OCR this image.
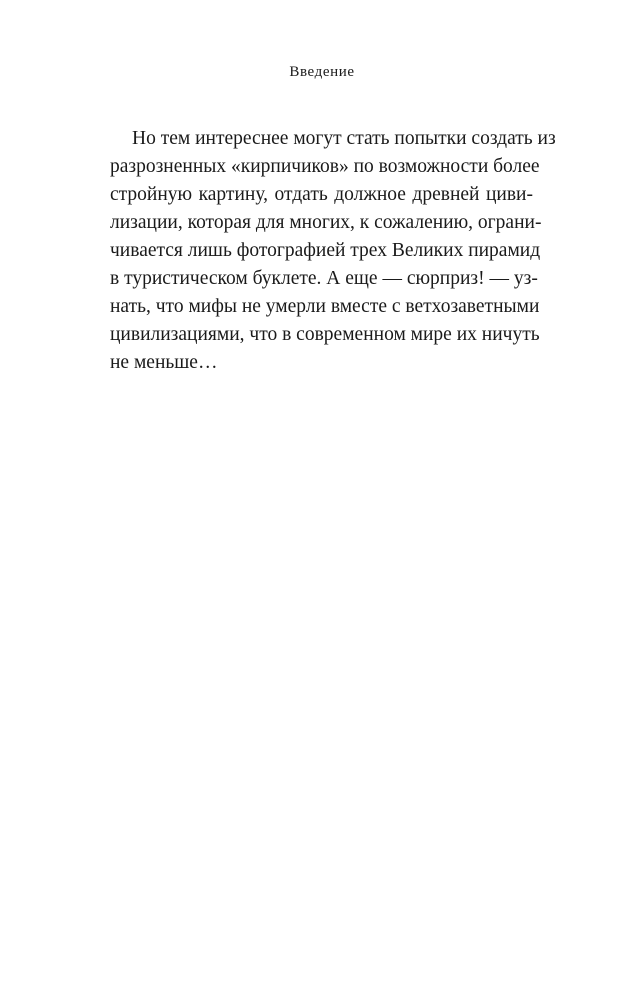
Введение
Но тем интереснее могут стать попытки создать из
разрозненных «кирпичиков» по возможности более
стройную картину, отдать должное древней циви-
лизации, которая для многих, к сожалению, ограни-
чивается лишь фотографией трех Великих пирамид
в туристическом буклете. А еще — сюрприз! — уз-
нать, что мифы не умерли вместе с ветхозаветными
цивилизациями, что в современном мире их ничуть
не меньше…
